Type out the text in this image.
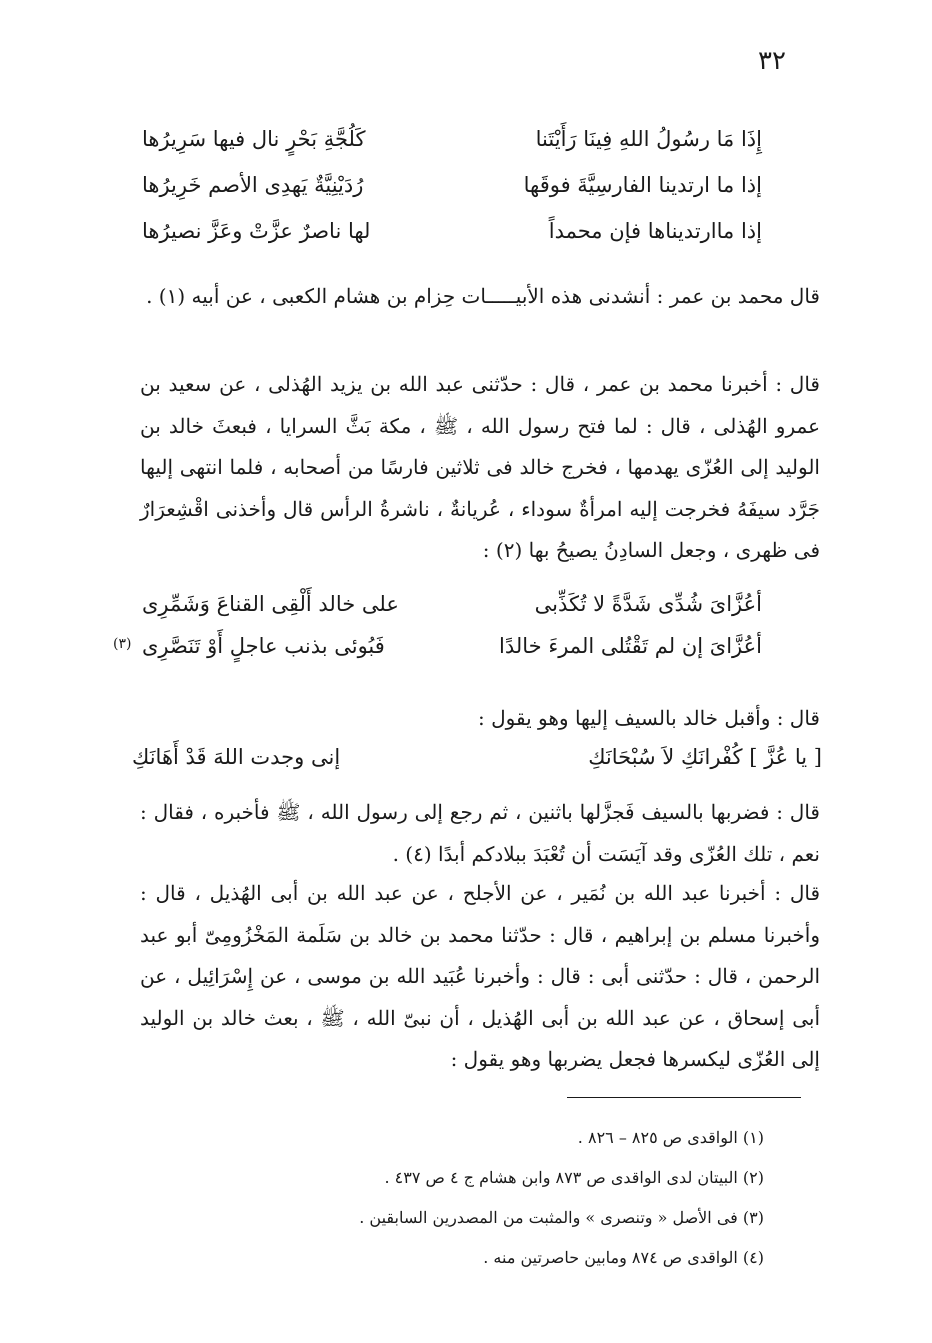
٣٢
إِذَا مَا رسُولُ اللهِ فِينَا رَأَيْتَنا
كَلُجَّةِ بَحْرٍ نال فيها سَرِيرُها
إذا ما ارتدينا الفارسِيَّةَ فوقَها
رُدَيْنِيَّةٌ يَهدِى الأصم خَرِيرُها
إذا ماارتديناها فإن محمداً
لها ناصرٌ عزَّتْ وعَزَّ نصيرُها

قال محمد بن عمر : أنشدنى هذه الأبيـــــات حِزام بن هشام الكعبى ، عن أبيه (١) .

قال : أخبرنا محمد بن عمر ، قال : حدّثنى عبد الله بن يزيد الهُذلى ، عن سعيد بن عمرو الهُذلى ، قال : لما فتح رسول الله ، ﷺ ، مكة بَثَّ السرايا ، فبعثَ خالد بن الوليد إلى العُزّى يهدمها ، فخرج خالد فى ثلاثين فارسًا من أصحابه ، فلما انتهى إليها جَرَّد سيفَهُ فخرجت إليه امرأةٌ سوداء ، عُريانةٌ ، ناشرةُ الرأس قال وأخذنى اقْشِعرَارٌ فى ظهرى ، وجعل السادِنُ يصيحُ بها (٢) :

أعُزَّاىَ شُدِّى شَدَّةً لا تُكَذِّبى
على خالد أَلْقِى القناعَ وَشَمِّرِى
أعُزَّاىَ إن لم تَقْتُلى المرءَ خالدًا
فَبُوئى بذنب عاجلٍ أَوْ تَنَصَّرِى
(٣)

قال : وأقبل خالد بالسيف إليها وهو يقول :

[ يا عُزَّ ] كُفْرانَكِ لاَ سُبْحَانَكِ
إنى وجدت اللهَ قَدْ أَهَانَكِ

قال : فضربها بالسيف فَجزَّلها باثنين ، ثم رجع إلى رسول الله ، ﷺ فأخبره ، فقال : نعم ، تلك العُزّى وقد آيَسَت أن تُعْبَدَ ببلادكم أبدًا (٤) .

قال : أخبرنا عبد الله بن نُمَير ، عن الأجلح ، عن عبد الله بن أبى الهُذيل ، قال : وأخبرنا مسلم بن إبراهيم ، قال : حدّثنا محمد بن خالد بن سَلَمة المَخْزُومِىّ أبو عبد الرحمن ، قال : حدّثنى أبى : قال : وأخبرنا عُبَيد الله بن موسى ، عن إِسْرَائِيل ، عن أبى إسحاق ، عن عبد الله بن أبى الهُذيل ، أن نبىّ الله ، ﷺ ، بعث خالد بن الوليد إلى العُزّى ليكسرها فجعل يضربها وهو يقول :

(١) الواقدى ص ٨٢٥ – ٨٢٦ .
(٢) البيتان لدى الواقدى ص ٨٧٣ وابن هشام ج ٤ ص ٤٣٧ .
(٣) فى الأصل « وتنصرى » والمثبت من المصدرين السابقين .
(٤) الواقدى ص ٨٧٤ ومابين حاصرتين منه .
